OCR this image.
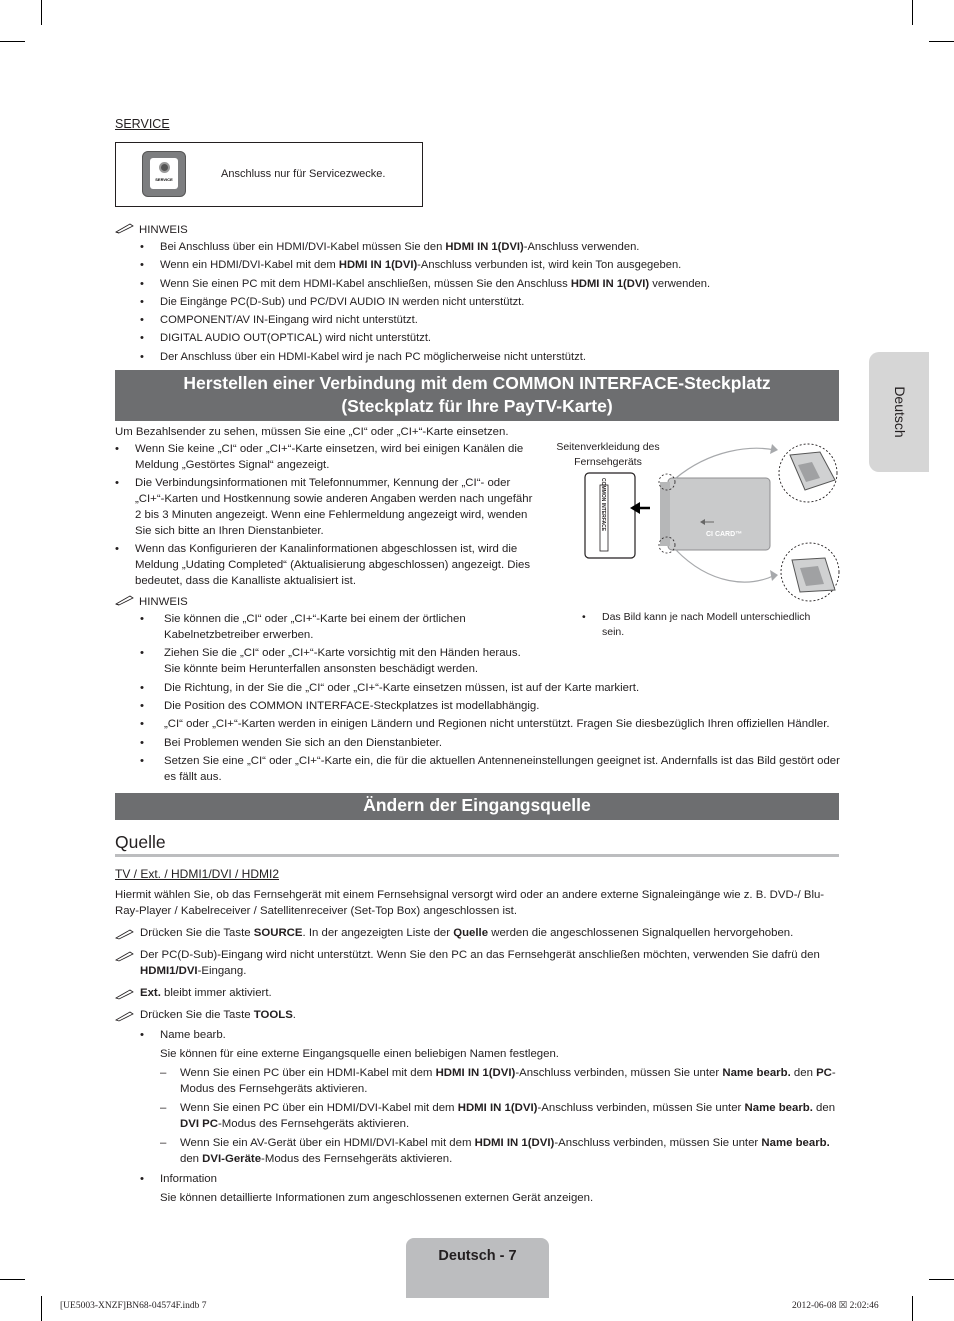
Deutsch
SERVICE
SERVICE	Anschluss nur für Servicezwecke.
HINWEIS
• Bei Anschluss über ein HDMI/DVI-Kabel müssen Sie den HDMI IN 1(DVI)-Anschluss verwenden.
• Wenn ein HDMI/DVI-Kabel mit dem HDMI IN 1(DVI)-Anschluss verbunden ist, wird kein Ton ausgegeben.
• Wenn Sie einen PC mit dem HDMI-Kabel anschließen, müssen Sie den Anschluss HDMI IN 1(DVI) verwenden.
• Die Eingänge PC(D-Sub) und PC/DVI AUDIO IN werden nicht unterstützt.
• COMPONENT/AV IN-Eingang wird nicht unterstützt.
• DIGITAL AUDIO OUT(OPTICAL) wird nicht unterstützt.
• Der Anschluss über ein HDMI-Kabel wird je nach PC möglicherweise nicht unterstützt.
Herstellen einer Verbindung mit dem COMMON INTERFACE-Steckplatz
(Steckplatz für Ihre PayTV-Karte)
Um Bezahlsender zu sehen, müssen Sie eine „CI“ oder „CI+“-Karte einsetzen.
• Wenn Sie keine „CI“ oder „CI+“-Karte einsetzen, wird bei einigen Kanälen die Meldung „Gestörtes Signal“ angezeigt.
• Die Verbindungsinformationen mit Telefonnummer, Kennung der „CI“- oder „CI+“-Karten und Hostkennung sowie anderen Angaben werden nach ungefähr 2 bis 3 Minuten angezeigt. Wenn eine Fehlermeldung angezeigt wird, wenden Sie sich bitte an Ihren Dienstanbieter.
• Wenn das Konfigurieren der Kanalinformationen abgeschlossen ist, wird die Meldung „Udating Completed“ (Aktualisierung abgeschlossen) angezeigt. Dies bedeutet, dass die Kanalliste aktualisiert ist.
Seitenverkleidung des Fernsehgeräts
COMMON INTERFACE
CI CARD™
• Das Bild kann je nach Modell unterschiedlich sein.
HINWEIS
• Sie können die „CI“ oder „CI+“-Karte bei einem der örtlichen Kabelnetzbetreiber erwerben.
• Ziehen Sie die „CI“ oder „CI+“-Karte vorsichtig mit den Händen heraus. Sie könnte beim Herunterfallen ansonsten beschädigt werden.
• Die Richtung, in der Sie die „CI“ oder „CI+“-Karte einsetzen müssen, ist auf der Karte markiert.
• Die Position des COMMON INTERFACE-Steckplatzes ist modellabhängig.
• „CI“ oder „CI+“-Karten werden in einigen Ländern und Regionen nicht unterstützt. Fragen Sie diesbezüglich Ihren offiziellen Händler.
• Bei Problemen wenden Sie sich an den Dienstanbieter.
• Setzen Sie eine „CI“ oder „CI+“-Karte ein, die für die aktuellen Antenneneinstellungen geeignet ist. Andernfalls ist das Bild gestört oder es fällt aus.
Ändern der Eingangsquelle
Quelle
TV / Ext. / HDMI1/DVI / HDMI2
Hiermit wählen Sie, ob das Fernsehgerät mit einem Fernsehsignal versorgt wird oder an andere externe Signaleingänge wie z. B. DVD-/ Blu-Ray-Player / Kabelreceiver / Satellitenreceiver (Set-Top Box) angeschlossen ist.
Drücken Sie die Taste SOURCE. In der angezeigten Liste der Quelle werden die angeschlossenen Signalquellen hervorgehoben.
Der PC(D-Sub)-Eingang wird nicht unterstützt. Wenn Sie den PC an das Fernsehgerät anschließen möchten, verwenden Sie dafrü den HDMI1/DVI-Eingang.
Ext. bleibt immer aktiviert.
Drücken Sie die Taste TOOLS.
• Name bearb.
Sie können für eine externe Eingangsquelle einen beliebigen Namen festlegen.
– Wenn Sie einen PC über ein HDMI-Kabel mit dem HDMI IN 1(DVI)-Anschluss verbinden, müssen Sie unter Name bearb. den PC-Modus des Fernsehgeräts aktivieren.
– Wenn Sie einen PC über ein HDMI/DVI-Kabel mit dem HDMI IN 1(DVI)-Anschluss verbinden, müssen Sie unter Name bearb. den DVI PC-Modus des Fernsehgeräts aktivieren.
– Wenn Sie ein AV-Gerät über ein HDMI/DVI-Kabel mit dem HDMI IN 1(DVI)-Anschluss verbinden, müssen Sie unter Name bearb. den DVI-Geräte-Modus des Fernsehgeräts aktivieren.
• Information
Sie können detaillierte Informationen zum angeschlossenen externen Gerät anzeigen.
Deutsch - 7
[UE5003-XNZF]BN68-04574F.indb 7	2012-06-08 ☒ 2:02:46
